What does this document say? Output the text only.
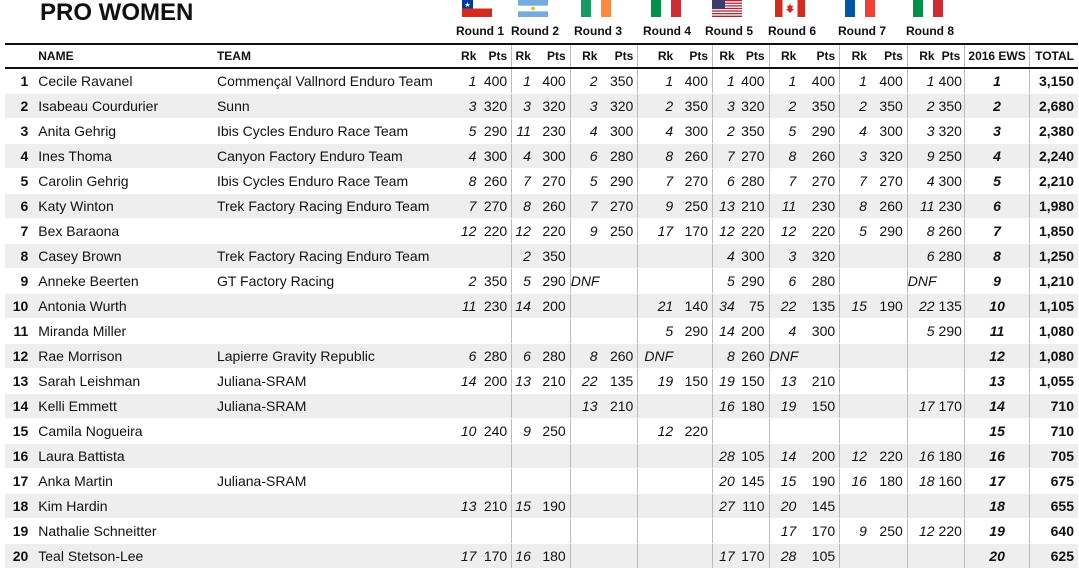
PRO WOMEN
Round 1 Round 2 Round 3 Round 4 Round 5 Round 6 Round 7 Round 8
	NAME	TEAM	Rk	Pts	Rk	Pts	Rk	Pts	Rk	Pts	Rk	Pts	Rk	Pts	Rk	Pts	Rk	Pts	2016 EWS	TOTAL
1	Cecile Ravanel	Commençal Vallnord Enduro Team	1	400	1	400	2	350	1	400	1	400	1	400	1	400	1	400	1	3,150
2	Isabeau Courdurier	Sunn	3	320	3	320	3	320	2	350	3	320	2	350	2	350	2	350	2	2,680
3	Anita Gehrig	Ibis Cycles Enduro Race Team	5	290	11	230	4	300	4	300	2	350	5	290	4	300	3	320	3	2,380
4	Ines Thoma	Canyon Factory Enduro Team	4	300	4	300	6	280	8	260	7	270	8	260	3	320	9	250	4	2,240
5	Carolin Gehrig	Ibis Cycles Enduro Race Team	8	260	7	270	5	290	7	270	6	280	7	270	7	270	4	300	5	2,210
6	Katy Winton	Trek Factory Racing Enduro Team	7	270	8	260	7	270	9	250	13	210	11	230	8	260	11	230	6	1,980
7	Bex Baraona		12	220	12	220	9	250	17	170	12	220	12	220	5	290	8	260	7	1,850
8	Casey Brown	Trek Factory Racing Enduro Team			2	350					4	300	3	320			6	280	8	1,250
9	Anneke Beerten	GT Factory Racing	2	350	5	290	DNF				5	290	6	280			DNF		9	1,210
10	Antonia Wurth		11	230	14	200			21	140	34	75	22	135	15	190	22	135	10	1,105
11	Miranda Miller								5	290	14	200	4	300			5	290	11	1,080
12	Rae Morrison	Lapierre Gravity Republic	6	280	6	280	8	260	DNF		8	260	DNF						12	1,080
13	Sarah Leishman	Juliana-SRAM	14	200	13	210	22	135	19	150	19	150	13	210					13	1,055
14	Kelli Emmett	Juliana-SRAM					13	210			16	180	19	150			17	170	14	710
15	Camila Nogueira		10	240	9	250			12	220									15	710
16	Laura Battista										28	105	14	200	12	220	16	180	16	705
17	Anka Martin	Juliana-SRAM									20	145	15	190	16	180	18	160	17	675
18	Kim Hardin		13	210	15	190					27	110	20	145					18	655
19	Nathalie Schneitter												17	170	9	250	12	220	19	640
20	Teal Stetson-Lee		17	170	16	180					17	170	28	105					20	625
